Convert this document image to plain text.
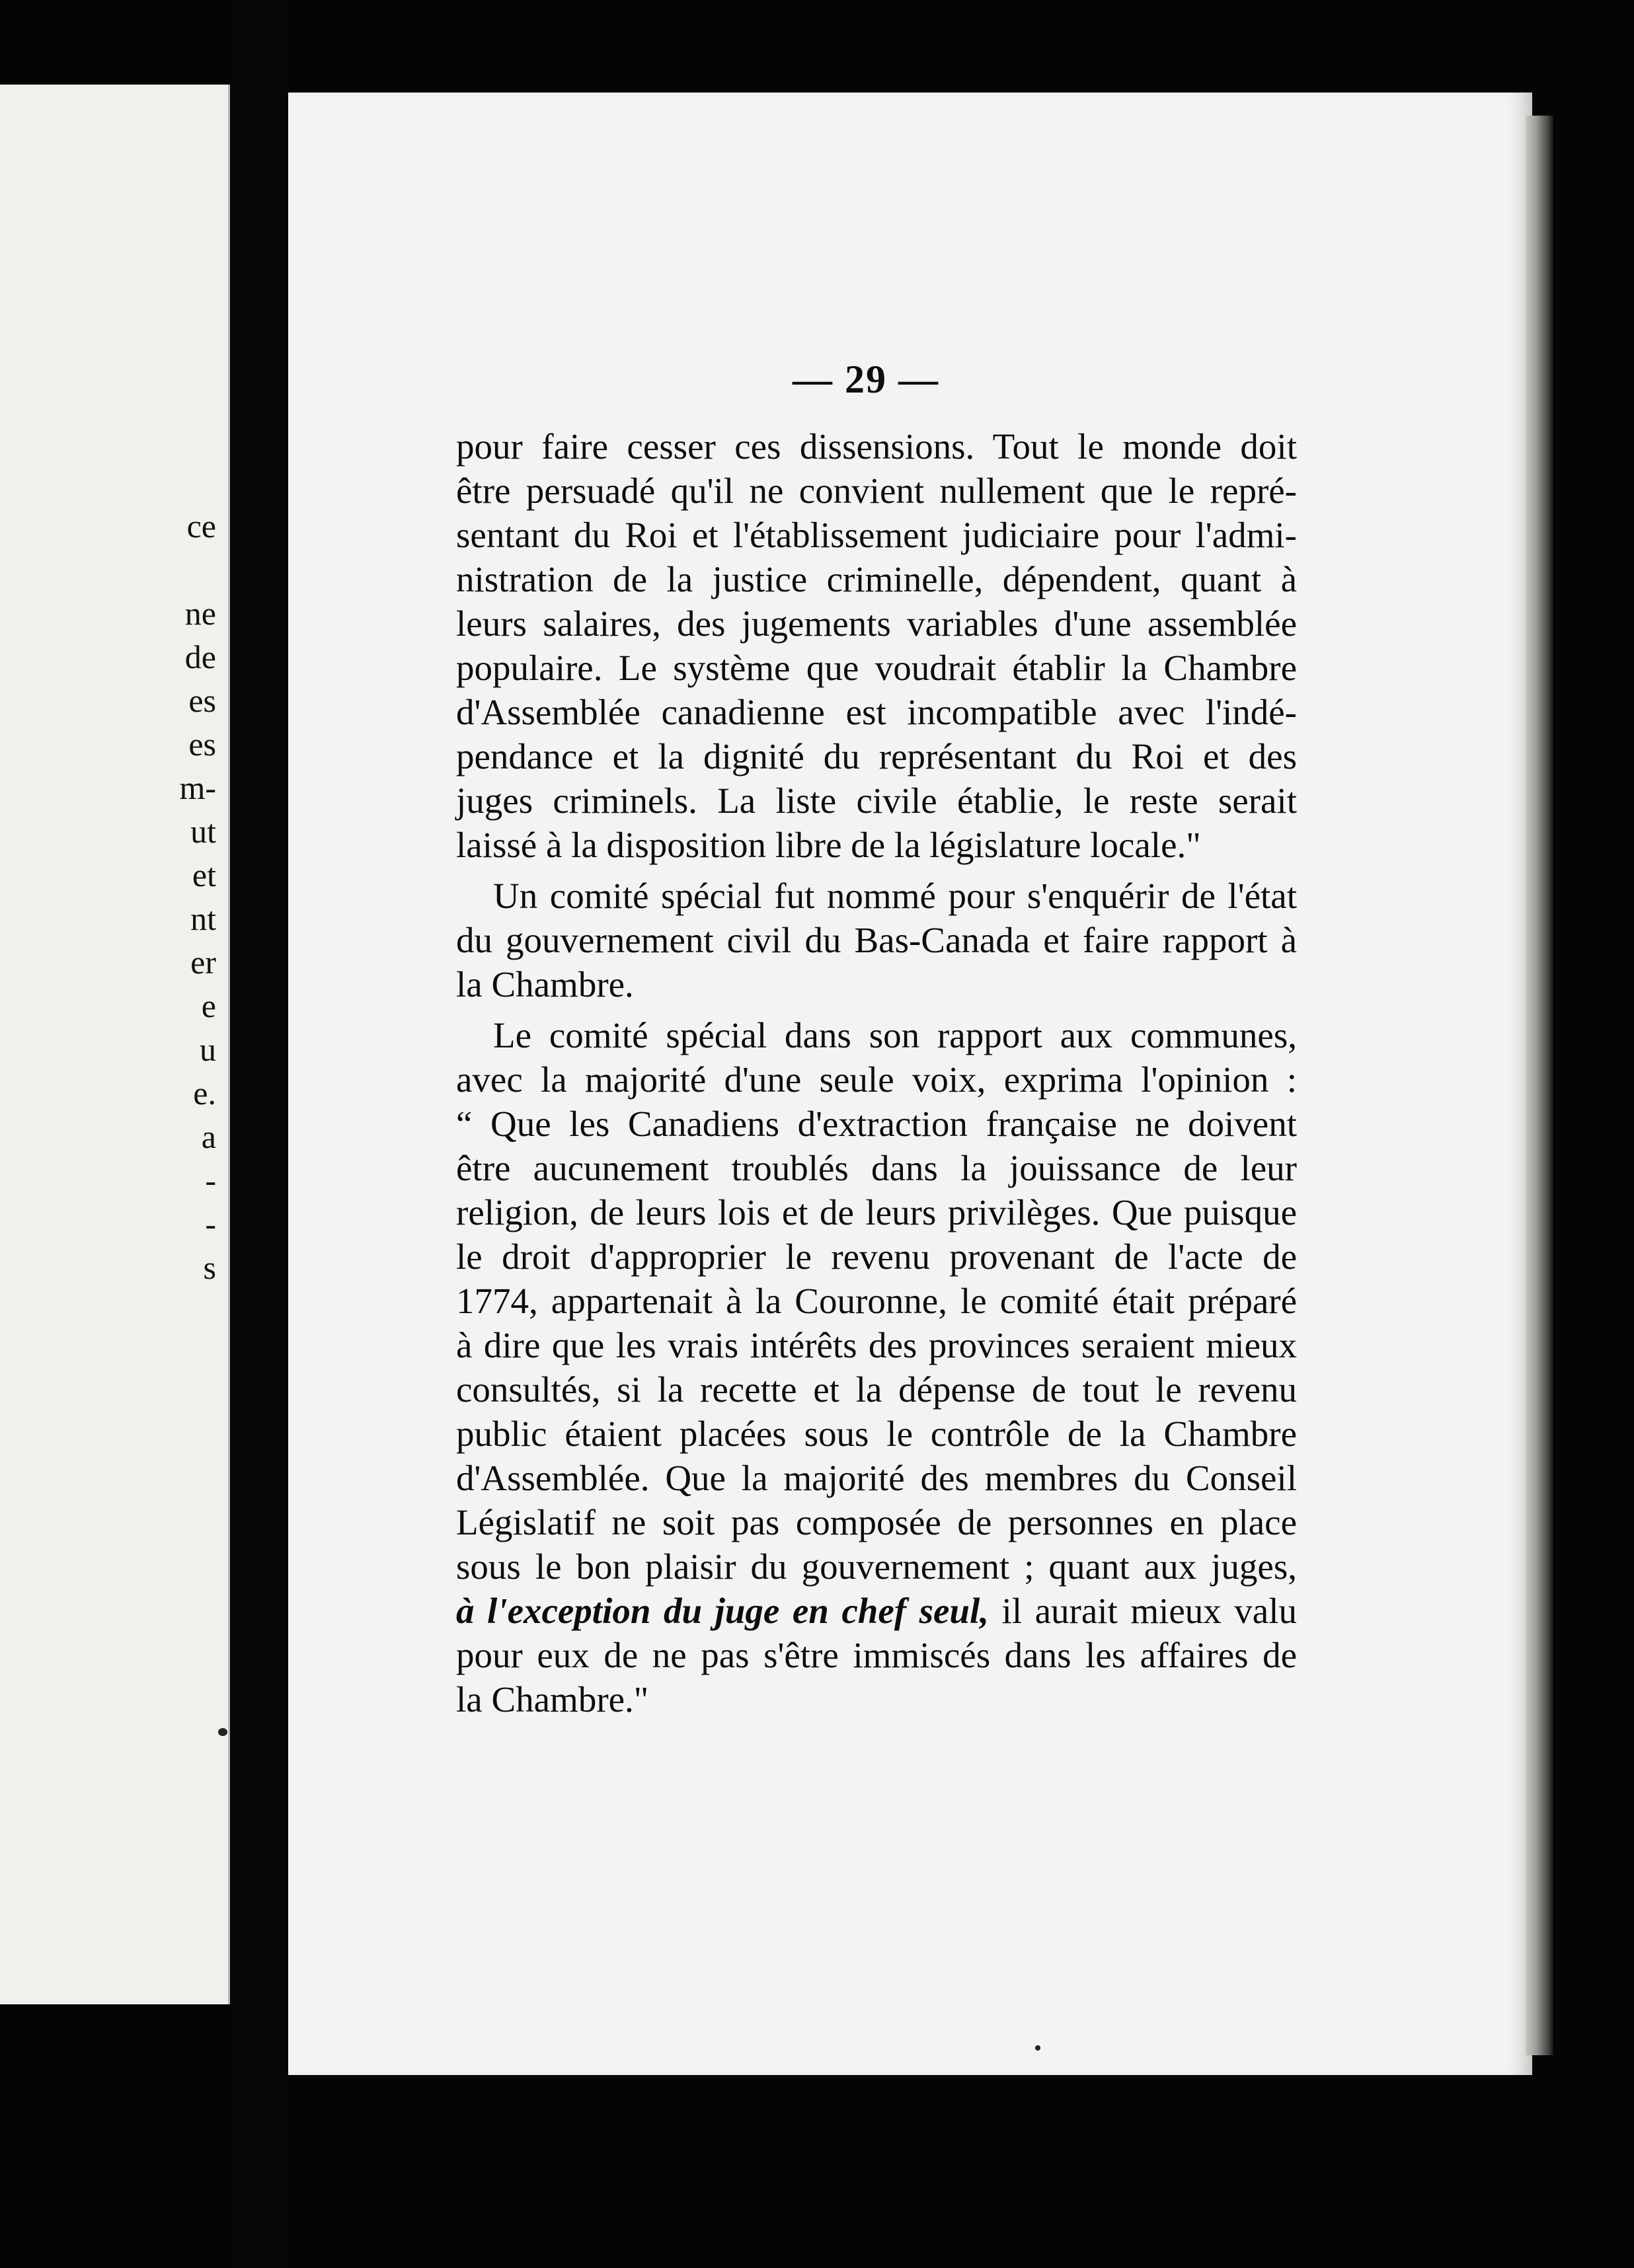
ce
ne
de
es
es
m-
ut
et
nt
er
e
u
e.
a
-
-
s
— 29 —
pour faire cesser ces dissensions. Tout le monde doit
être persuadé qu'il ne convient nullement que le repré-
sentant du Roi et l'établissement judiciaire pour l'admi-
nistration de la justice criminelle, dépendent, quant à
leurs salaires, des jugements variables d'une assemblée
populaire. Le système que voudrait établir la Chambre
d'Assemblée canadienne est incompatible avec l'indé-
pendance et la dignité du représentant du Roi et des
juges criminels. La liste civile établie, le reste serait
laissé à la disposition libre de la législature locale."
Un comité spécial fut nommé pour s'enquérir de l'état
du gouvernement civil du Bas-Canada et faire rapport à
la Chambre.
Le comité spécial dans son rapport aux communes,
avec la majorité d'une seule voix, exprima l'opinion :
“ Que les Canadiens d'extraction française ne doivent
être aucunement troublés dans la jouissance de leur
religion, de leurs lois et de leurs privilèges. Que puisque
le droit d'approprier le revenu provenant de l'acte de
1774, appartenait à la Couronne, le comité était préparé
à dire que les vrais intérêts des provinces seraient mieux
consultés, si la recette et la dépense de tout le revenu
public étaient placées sous le contrôle de la Chambre
d'Assemblée. Que la majorité des membres du Conseil
Législatif ne soit pas composée de personnes en place
sous le bon plaisir du gouvernement ; quant aux juges,
à l'exception du juge en chef seul, il aurait mieux valu
pour eux de ne pas s'être immiscés dans les affaires de
la Chambre."
